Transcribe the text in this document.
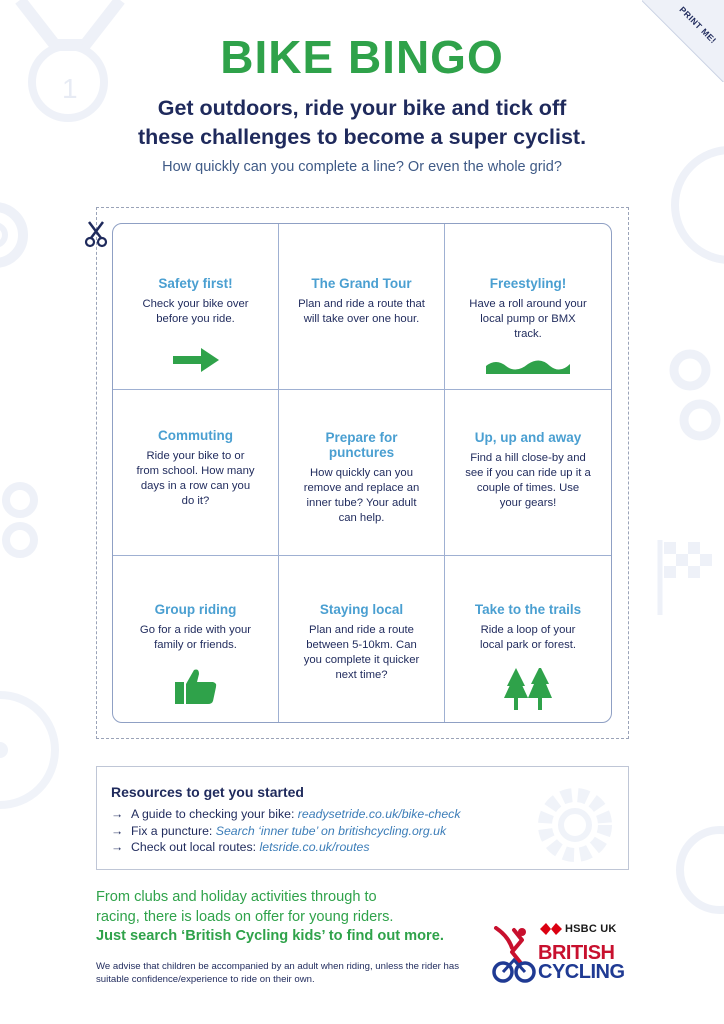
1
PRINT ME!
BIKE BINGO
Get outdoors, ride your bike and tick off
these challenges to become a super cyclist.
How quickly can you complete a line? Or even the whole grid?
Safety first!
Check your bike over before you ride.
The Grand Tour
Plan and ride a route that will take over one hour.
Freestyling!
Have a roll around your local pump or BMX track.
Commuting
Ride your bike to or from school. How many days in a row can you do it?
Prepare for punctures
How quickly can you remove and replace an inner tube? Your adult can help.
Up, up and away
Find a hill close-by and see if you can ride up it a couple of times. Use your gears!
Group riding
Go for a ride with your family or friends.
Staying local
Plan and ride a route between 5-10km. Can you complete it quicker next time?
Take to the trails
Ride a loop of your local park or forest.
Resources to get you started
→ A guide to checking your bike: readysetride.co.uk/bike-check
→ Fix a puncture: Search ‘inner tube’ on britishcycling.org.uk
→ Check out local routes: letsride.co.uk/routes
From clubs and holiday activities through to
racing, there is loads on offer for young riders.
Just search ‘British Cycling kids’ to find out more.
We advise that children be accompanied by an adult when riding, unless the rider has suitable confidence/experience to ride on their own.
HSBC UK
BRITISH
CYCLING
